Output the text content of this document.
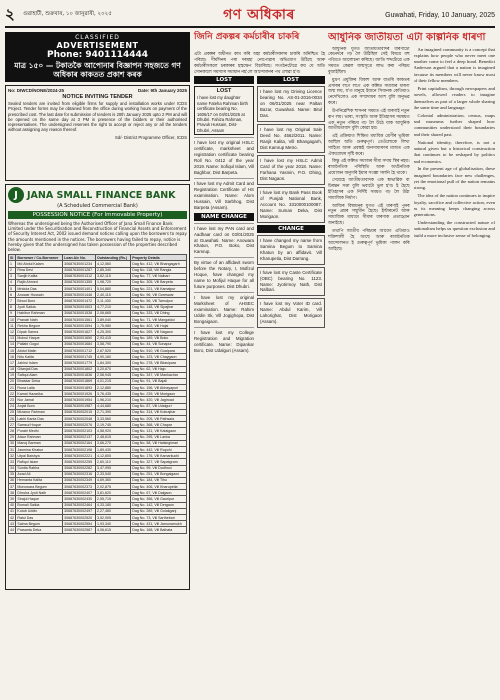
২	গুৱাহাটী, শুক্ৰবাৰ, ১০ জানুৱাৰী, ২০২৫	গণ অধিকাৰ	Guwahati, Friday, 10 January, 2025
CLASSIFIED
ADVERTISEMENT
Phone: 9401114444
মাত্ৰ ১৫০ — টকাতকৈ আপোনাৰ বিজ্ঞাপন সহজতে গণ অধিকাৰ কাকতত প্ৰকাশ কৰক
No: DIWCD/NONE/2024-25	Date: 9th January 2025
NOTICE INVITING TENDER
Sealed tenders are invited from eligible firms for supply and installation works under ICDS Project. Tender forms may be obtained from the office during working hours on payment of the prescribed cost. The last date for submission of tenders is 20th January 2025 upto 2 PM and will be opened on the same day at 3 PM in presence of the bidders or their authorised representatives. The undersigned reserves the right to accept or reject any or all the tenders without assigning any reason thereof.
Sd/- District Programme Officer, ICDS
J JANA SMALL FINANCE BANK
(A Scheduled Commercial Bank)
POSSESSION NOTICE (For Immovable Property)
Whereas the undersigned being the Authorised Officer of Jana Small Finance Bank Limited under the Securitisation and Reconstruction of Financial Assets and Enforcement of Security Interest Act, 2002 issued demand notices calling upon the borrowers to repay the amounts mentioned in the notices. The borrowers having failed to repay, notice is hereby given that the undersigned has taken possession of the properties described below.
Sl	Borrower / Co-Borrower	Loan A/c No.	Outstanding (Rs.)	Property Details
1	Md Abdul Kalam	30687630001234	4,12,560	Dag No. 412, Vill Bhangagarh
2	Rina Devi	30687630001287	2,85,340	Dag No. 118, Vill Rangia
3	Sanjib Kalita	30687630001312	3,62,115	Dag No. 77, Vill Nalbari
4	Rajib Ahmed	30687630001355	1,98,720	Dag No. 305, Vill Barpeta
5	Mridula Das	30687630001401	5,04,880	Dag No. 221, Vill Kamalpur
6	Anowar Hussain	30687630001446	2,40,115	Dag No. 96, Vill Goreswar
7	Binod Boro	30687630001472	3,11,430	Dag No. 56, Vill Tamulpur
8	Jyoti Saikia	30687630001503	4,77,210	Dag No. 148, Vill Sipajhar
9	Habibur Rahman	30687630001538	2,06,665	Dag No. 333, Vill Dhing
10	Pranab Nath	30687630001561	3,89,040	Dag No. 71, Vill Mangaldoi
11	Rekha Begum	30687630001594	1,75,980	Dag No. 402, Vill Hojai
12	Dipak Sarma	30687630001627	4,25,300	Dag No. 265, Vill Nagaon
13	Moinul Haque	30687630001650	2,93,415	Dag No. 189, Vill Boko
14	Pallabi Gogoi	30687630001684	3,58,790	Dag No. 44, Vill Sonapur
15	Abdul Matin	30687630001712	2,67,520	Dag No. 510, Vill Goalpara
16	Nitu Kalita	30687630001745	4,90,160	Dag No. 123, Vill Chaygaon
17	Jahirul Islam	30687630001779	1,84,300	Dag No. 278, Vill Bilasipara
18	Gitanjali Das	30687630001802	3,20,670	Dag No. 62, Vill Hajo
19	Safiqul Alam	30687630001836	2,58,945	Dag No. 347, Vill Mankachar
20	Bhaskar Deka	30687630001869	4,01,215	Dag No. 91, Vill Bajali
21	Runa Laila	30687630001893	2,12,880	Dag No. 156, Vill Abhayapuri
22	Kamal Hazarika	30687630001926	3,76,435	Dag No. 239, Vill Morigaon
23	Nur Jamal	30687630001954	1,96,210	Dag No. 420, Vill Jagiroad
24	Anjali Boro	30687630001987	4,44,680	Dag No. 87, Vill Udalguri
25	Mizanur Rahman	30687630002015	2,71,390	Dag No. 314, Vill Kokrajhar
26	Lakhi Kanta Das	30687630002048	3,33,560	Dag No. 205, Vill Pathsala
27	Samsul Hoque	30687630002076	2,19,745	Dag No. 368, Vill Chapar
28	Purabi Medhi	30687630002103	4,58,920	Dag No. 131, Vill Kalaigaon
29	Ataur Rahman	30687630002137	2,48,615	Dag No. 295, Vill Lanka
30	Manoj Barman	30687630002164	3,66,270	Dag No. 58, Vill Hatsingimari
31	Jasmina Khatun	30687630002198	1,89,430	Dag No. 442, Vill Rupohi
32	Utpal Baishya	30687630002221	4,12,805	Dag No. 176, Vill Kamarkuchi
33	Rafiqul Islam	30687630002255	2,60,110	Dag No. 327, Vill Sapatgram
34	Sunita Rabha	30687630002282	3,47,995	Dag No. 99, Vill Dudhnoi
35	Azad Ali	30687630002316	2,33,540	Dag No. 251, Vill Bongaigaon
36	Hemanta Kalita	30687630002349	4,69,360	Dag No. 184, Vill Tihu
37	Monowara Begum	30687630002373	2,02,875	Dag No. 406, Vill Kharupetia
38	Dhruba Jyoti Nath	30687630002407	3,81,620	Dag No. 67, Vill Dalgaon
39	Sirajul Haque	30687630002430	2,55,715	Dag No. 356, Vill Gauripur
40	Bornali Saikia	30687630002464	4,33,180	Dag No. 142, Vill Dergaon
41	Kutub Uddin	30687630002497	2,27,460	Dag No. 289, Vill Golakganj
42	Ratul Das	30687630002520	3,52,905	Dag No. 73, Vill Sarthebari
43	Salma Begum	30687630002554	1,93,340	Dag No. 431, Vill Jamunamukh
44	Prasanta Deka	30687630002587	4,06,615	Dag No. 168, Vill Baihata
LOST
LOST
I have lost my daughter name Fateha Rahman birth certificate bearing No. 1606/17 on 04/01/2025 at Dhubri. Fahiza Rahman, Pravuk Hussain, Dist- Dhubri, Assam
I have lost my original HSLC certificate, marksheet and registration certificate bearing Roll No. 0412 of the year 2019. Name: Sofiqul Islam, Vill Baghbor, Dist Barpeta.
I have lost my Admit Card and Registration Certificate of HS examination. Name: Alom Hussain, Vill Sarbhog, Dist Barpeta (Assam).
NAME CHANGE
I have lost my PAN card and Aadhaar card on 03/01/2025 at Guwahati. Name: Anowara Khatun, P.O. Boko, Dist Kamrup.
By virtue of an affidavit sworn before the Notary, I, Mofizul Hoque, have changed my name to Mofijul Haque for all future purposes. Dist Dhubri.
I have lost my original Marksheet of AHSEC examination. Name: Rahim Uddin Sk, Vill Jogighopa, Dist Bongaigaon.
I have lost my College Registration and Migration certificate. Name: Dipankar Boro, Dist Udalguri (Assam).
LOST
I have lost my Driving Licence bearing No. AS-01-2016-0034 on 06/01/2025 near Paltan Bazar, Guwahati. Name: Bitul Das.
I have lost my Original Sale Deed No. 4562/2011. Name: Ranjit Kalita, Vill Bhangagarh, Dist Kamrup Metro.
I have lost my HSLC Admit Card of the year 2018. Name: Farhana Yasmin, P.O. Dhing, Dist Nagaon.
I have lost my Bank Pass Book of Punjab National Bank, Account No. 3310000100087. Name: Suman Deka, Dist Morigaon.
CHANGE
I have changed my name from Samina Begum to Samina Khatun by an affidavit. Vill Kharupetia, Dist Darrang.
I have lost my Caste Certificate (OBC) bearing No. 1123. Name: Jyotirmoy Nath, Dist Nalbari.
I have lost my Voter ID card. Name: Abdul Karim, Vill Lahorighat, Dist Morigaon (Assam).
জিনি প্ৰকল্পৰ কৰ্মচাৰীৰ চাকৰি
এটা প্ৰকল্পৰ অধীনত কাম কৰি অহা কৰ্মচাৰীসকলৰ চাকৰি অনিশ্চিত হৈ পৰিছে। দীৰ্ঘদিনৰ পৰা দৰমহা নোপোৱাৰ অভিযোগ উঠিছে আৰু কৰ্মচাৰীসকলে চৰকাৰৰ হস্তক্ষেপ বিচাৰিছে। সংগঠনটোৱে কয় যে অতি সোনকালে সমস্যাৰ সমাধান নহ'লে আন্দোলনৰ পথ লোৱা হ'ব।
আধুনিক জাতীয়তা এটা কাল্পনিক ধাৰণা

আধুনিক যুগত জাতীয়তাবাদৰ ধাৰণাটো কেনেদৰে গঢ় লৈ উঠিছিল সেই বিষয়ে বহু পণ্ডিতে আলোচনা কৰিছে। জাতি শব্দটোৱে এক সময়ত কেৱল জন্মসূত্ৰে লাভ কৰা পৰিচয় বুজাইছিল।

মুদ্ৰণ প্ৰযুক্তিৰ বিকাশ আৰু বাতৰি কাকতৰ প্ৰসাৰৰ লগে লগে এক কল্পিত সমাজৰ ধাৰণা জন্ম লয়, য'ত মানুহে ইজনে সিজনক কেতিয়াও নেদেখিলেও এক সম্প্ৰদায়ৰ অংশ বুলি অনুভৱ কৰে।

উপনিৱেশিক শাসনৰ সময়ত এই ধাৰণাই নতুন ৰূপ লয়। ভাষা, সংস্কৃতি আৰু ইতিহাসৰ সমন্বয়ত এক নতুন পৰিচয় গঢ় লৈ উঠে যাক আধুনিক জাতীয়তাবাদ বুলি কোৱা হয়।

এই প্ৰক্ৰিয়াত শিক্ষিত মধ্যবিত্ত শ্ৰেণীৰ ভূমিকা আছিল অতি গুৰুত্বপূৰ্ণ। তেওঁলোকে লিখা সাহিত্য আৰু প্ৰবন্ধই জনসাধাৰণৰ মাজত এক ঐক্যবোধৰ সৃষ্টি কৰে।

কিন্তু এই কল্পিত সমাজৰ সীমা সদায় স্থিৰ নহয়। ৰাজনৈতিক পৰিস্থিতি আৰু অৰ্থনৈতিক প্ৰয়োজন অনুসৰি ইয়াৰ সংজ্ঞা সলনি হৈ থাকে।

সেয়েহে জাতীয়তাবাদক এক স্বাভাৱিক বা চিৰন্তন সত্তা বুলি ভবাটো ভুল হ'ব। ই হৈছে ইতিহাসৰ এক নিৰ্দিষ্ট সময়ত গঢ় লৈ উঠা সামাজিক নিৰ্মাণ।

আজিৰ বিশ্বায়নৰ যুগত এই ধাৰণাই পুনৰ নতুন প্ৰশ্নৰ সন্মুখীন হৈছে। ইণ্টাৰনেট আৰু সামাজিক মাধ্যমে সীমাৰ ধাৰণাক প্ৰত্যাহ্বান জনাইছে।

তথাপি জাতীয় পৰিচয়ৰ আবেগ এতিয়াও শক্তিশালী হৈ আছে আৰু ৰাজনৈতিক আন্দোলনত ই গুৰুত্বপূৰ্ণ ভূমিকা পালন কৰি আহিছে।

An imagined community is a concept that explains how people who never meet one another come to feel a deep bond. Benedict Anderson argued that a nation is imagined because its members will never know most of their fellow members.

Print capitalism, through newspapers and novels, allowed readers to imagine themselves as part of a larger whole sharing the same time and language.

Colonial administration, census, maps and museums further shaped how communities understood their boundaries and their shared past.

National identity, therefore, is not a natural given but a historical construction that continues to be reshaped by politics and economics.

In the present age of globalisation, these imagined boundaries face new challenges, yet the emotional pull of the nation remains strong.

The idea of the nation continues to inspire loyalty, sacrifice and collective action, even as its meaning keeps changing across generations.

Understanding the constructed nature of nationalism helps us question exclusion and build a more inclusive sense of belonging.
